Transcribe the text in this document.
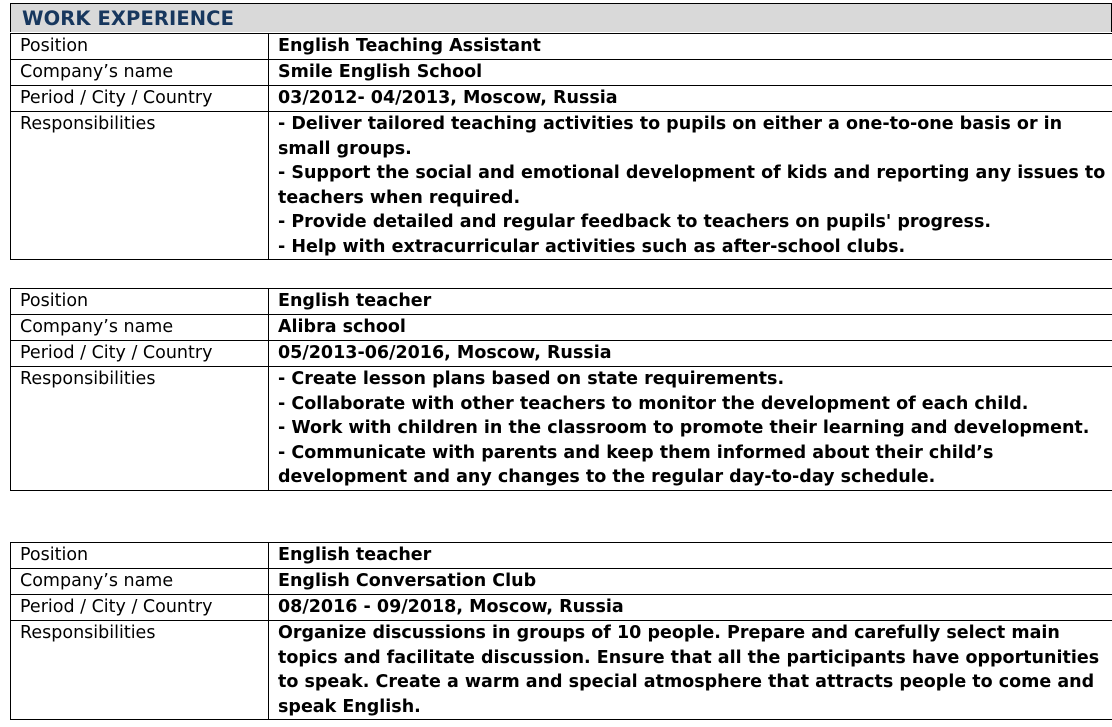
WORK EXPERIENCE
Position	English Teaching Assistant
Company’s name	Smile English School
Period / City / Country	03/2012- 04/2013, Moscow, Russia
Responsibilities	- Deliver tailored teaching activities to pupils on either a one-to-one basis or in small groups.
- Support the social and emotional development of kids and reporting any issues to teachers when required.
- Provide detailed and regular feedback to teachers on pupils' progress.
- Help with extracurricular activities such as after-school clubs.
Position	English teacher
Company’s name	Alibra school
Period / City / Country	05/2013-06/2016, Moscow, Russia
Responsibilities	- Create lesson plans based on state requirements.
- Collaborate with other teachers to monitor the development of each child.
- Work with children in the classroom to promote their learning and development.
- Communicate with parents and keep them informed about their child’s development and any changes to the regular day-to-day schedule.
Position	English teacher
Company’s name	English Conversation Club
Period / City / Country	08/2016 - 09/2018, Moscow, Russia
Responsibilities	Organize discussions in groups of 10 people. Prepare and carefully select main topics and facilitate discussion. Ensure that all the participants have opportunities to speak. Create a warm and special atmosphere that attracts people to come and speak English.
